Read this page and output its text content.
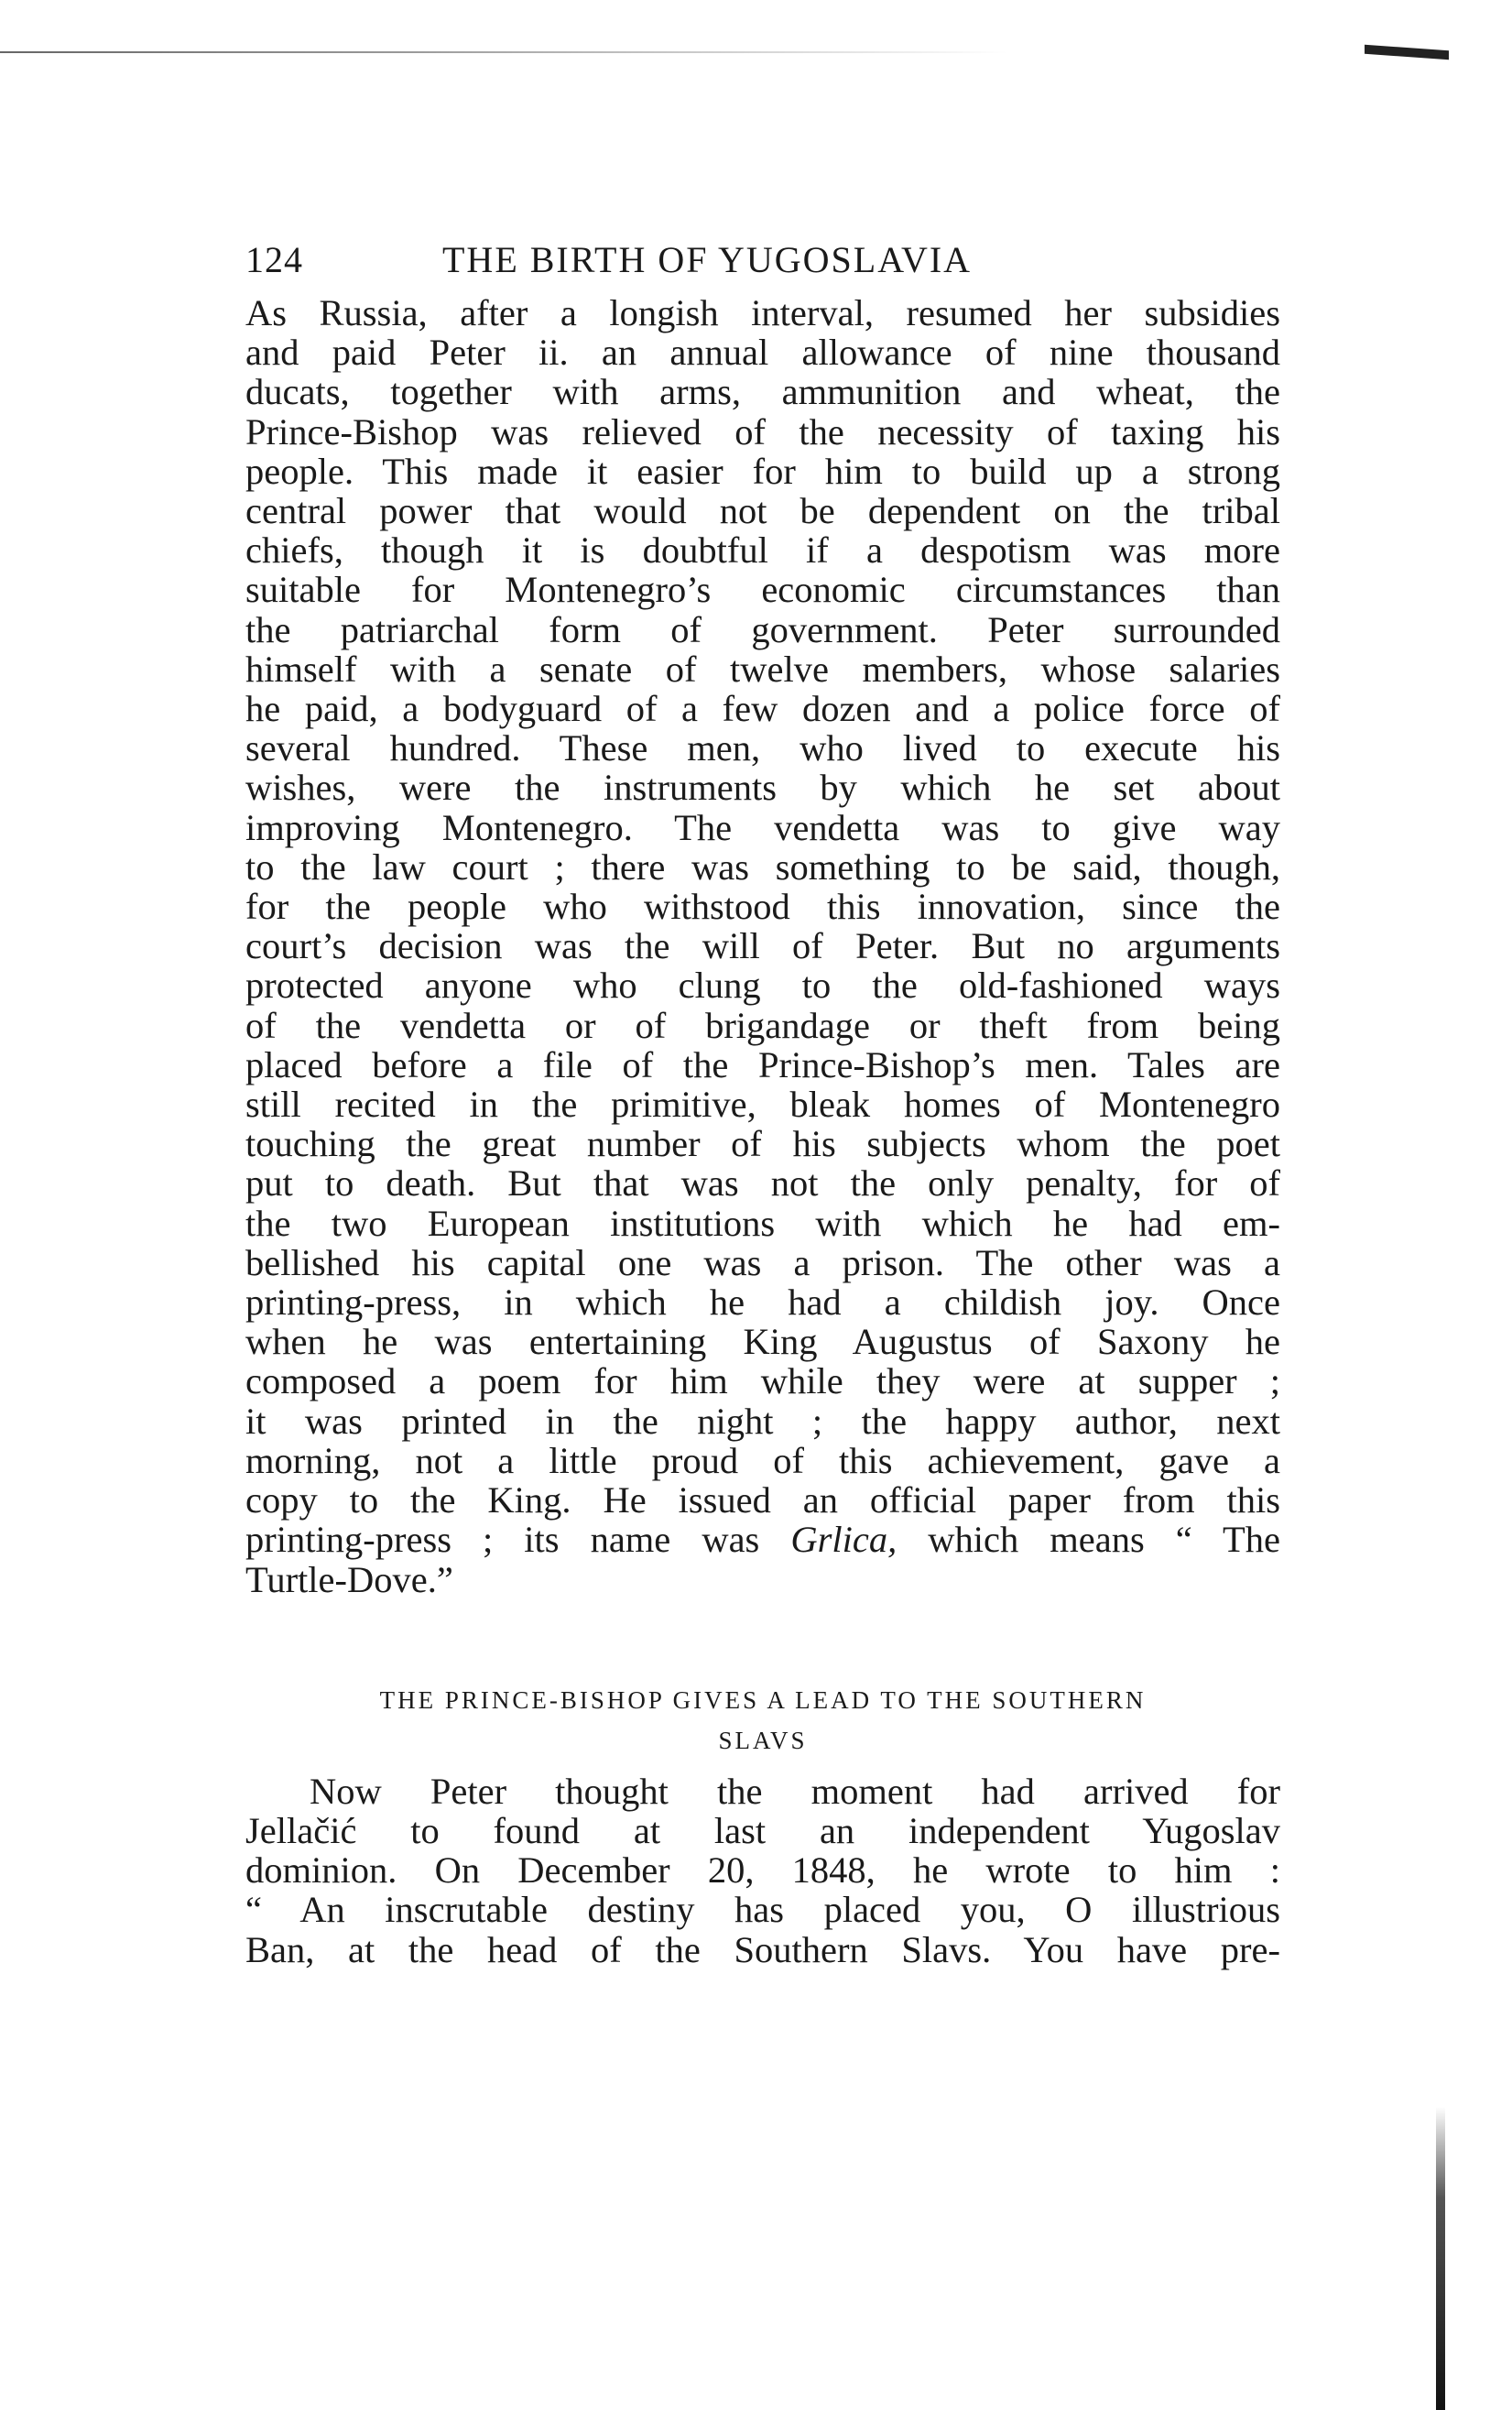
124	THE BIRTH OF YUGOSLAVIA

As Russia, after a longish interval, resumed her subsidies
and paid Peter ii. an annual allowance of nine thousand
ducats, together with arms, ammunition and wheat, the
Prince-Bishop was relieved of the necessity of taxing his
people. This made it easier for him to build up a strong
central power that would not be dependent on the tribal
chiefs, though it is doubtful if a despotism was more
suitable for Montenegro’s economic circumstances than
the patriarchal form of government. Peter surrounded
himself with a senate of twelve members, whose salaries
he paid, a bodyguard of a few dozen and a police force of
several hundred. These men, who lived to execute his
wishes, were the instruments by which he set about
improving Montenegro. The vendetta was to give way
to the law court ; there was something to be said, though,
for the people who withstood this innovation, since the
court’s decision was the will of Peter. But no arguments
protected anyone who clung to the old-fashioned ways
of the vendetta or of brigandage or theft from being
placed before a file of the Prince-Bishop’s men. Tales are
still recited in the primitive, bleak homes of Montenegro
touching the great number of his subjects whom the poet
put to death. But that was not the only penalty, for of
the two European institutions with which he had em-
bellished his capital one was a prison. The other was a
printing-press, in which he had a childish joy. Once
when he was entertaining King Augustus of Saxony he
composed a poem for him while they were at supper ;
it was printed in the night ; the happy author, next
morning, not a little proud of this achievement, gave a
copy to the King. He issued an official paper from this
printing-press ; its name was Grlica, which means “ The
Turtle-Dove.”

THE PRINCE-BISHOP GIVES A LEAD TO THE SOUTHERN
SLAVS

Now Peter thought the moment had arrived for
Jellačić to found at last an independent Yugoslav
dominion. On December 20, 1848, he wrote to him :
“ An inscrutable destiny has placed you, O illustrious
Ban, at the head of the Southern Slavs. You have pre-
